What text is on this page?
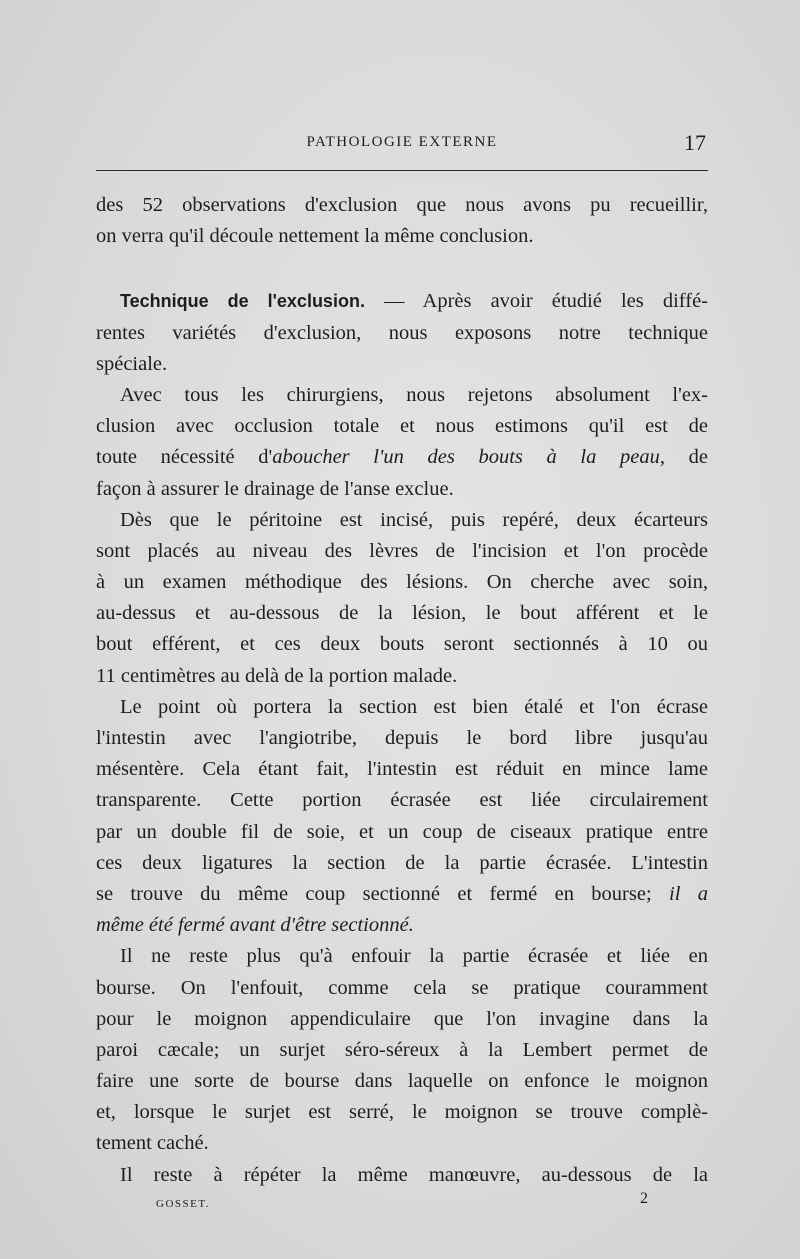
PATHOLOGIE EXTERNE	17
des 52 observations d'exclusion que nous avons pu recueillir,
on verra qu'il découle nettement la même conclusion.
Technique de l'exclusion. — Après avoir étudié les diffé-
rentes variétés d'exclusion, nous exposons notre technique
spéciale.
Avec tous les chirurgiens, nous rejetons absolument l'ex-
clusion avec occlusion totale et nous estimons qu'il est de
toute nécessité d'aboucher l'un des bouts à la peau, de
façon à assurer le drainage de l'anse exclue.
Dès que le péritoine est incisé, puis repéré, deux écarteurs
sont placés au niveau des lèvres de l'incision et l'on procède
à un examen méthodique des lésions. On cherche avec soin,
au-dessus et au-dessous de la lésion, le bout afférent et le
bout efférent, et ces deux bouts seront sectionnés à 10 ou
11 centimètres au delà de la portion malade.
Le point où portera la section est bien étalé et l'on écrase
l'intestin avec l'angiotribe, depuis le bord libre jusqu'au
mésentère. Cela étant fait, l'intestin est réduit en mince lame
transparente. Cette portion écrasée est liée circulairement
par un double fil de soie, et un coup de ciseaux pratique entre
ces deux ligatures la section de la partie écrasée. L'intestin
se trouve du même coup sectionné et fermé en bourse; il a
même été fermé avant d'être sectionné.
Il ne reste plus qu'à enfouir la partie écrasée et liée en
bourse. On l'enfouit, comme cela se pratique couramment
pour le moignon appendiculaire que l'on invagine dans la
paroi cæcale; un surjet séro-séreux à la Lembert permet de
faire une sorte de bourse dans laquelle on enfonce le moignon
et, lorsque le surjet est serré, le moignon se trouve complè-
tement caché.
Il reste à répéter la même manœuvre, au-dessous de la
GOSSET.	2
